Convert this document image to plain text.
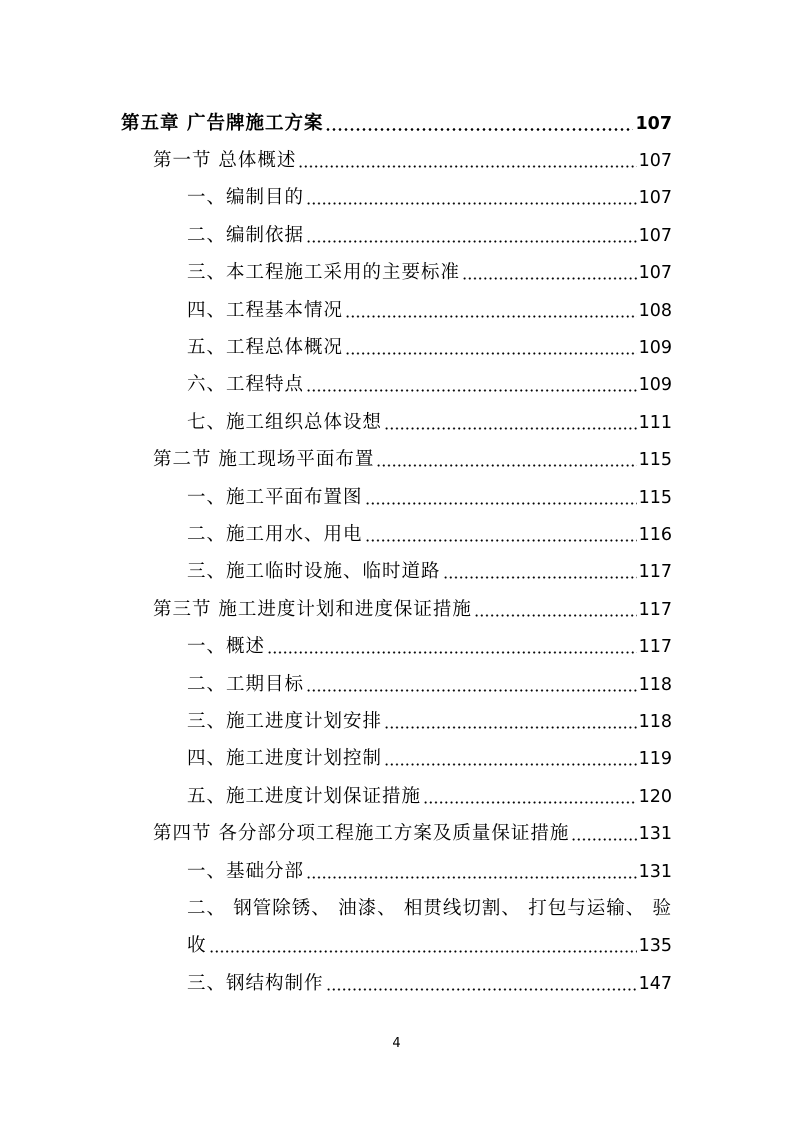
第五章 广告牌施工方案	107
第一节 总体概述	107
一、编制目的	107
二、编制依据	107
三、本工程施工采用的主要标准	107
四、工程基本情况	108
五、工程总体概况	109
六、工程特点	109
七、施工组织总体设想	111
第二节 施工现场平面布置	115
一、施工平面布置图	115
二、施工用水、用电	116
三、施工临时设施、临时道路	117
第三节 施工进度计划和进度保证措施	117
一、概述	117
二、工期目标	118
三、施工进度计划安排	118
四、施工进度计划控制	119
五、施工进度计划保证措施	120
第四节 各分部分项工程施工方案及质量保证措施	131
一、基础分部	131
二、 钢管除锈、 油漆、 相贯线切割、 打包与运输、 验
收	135
三、钢结构制作	147
4
